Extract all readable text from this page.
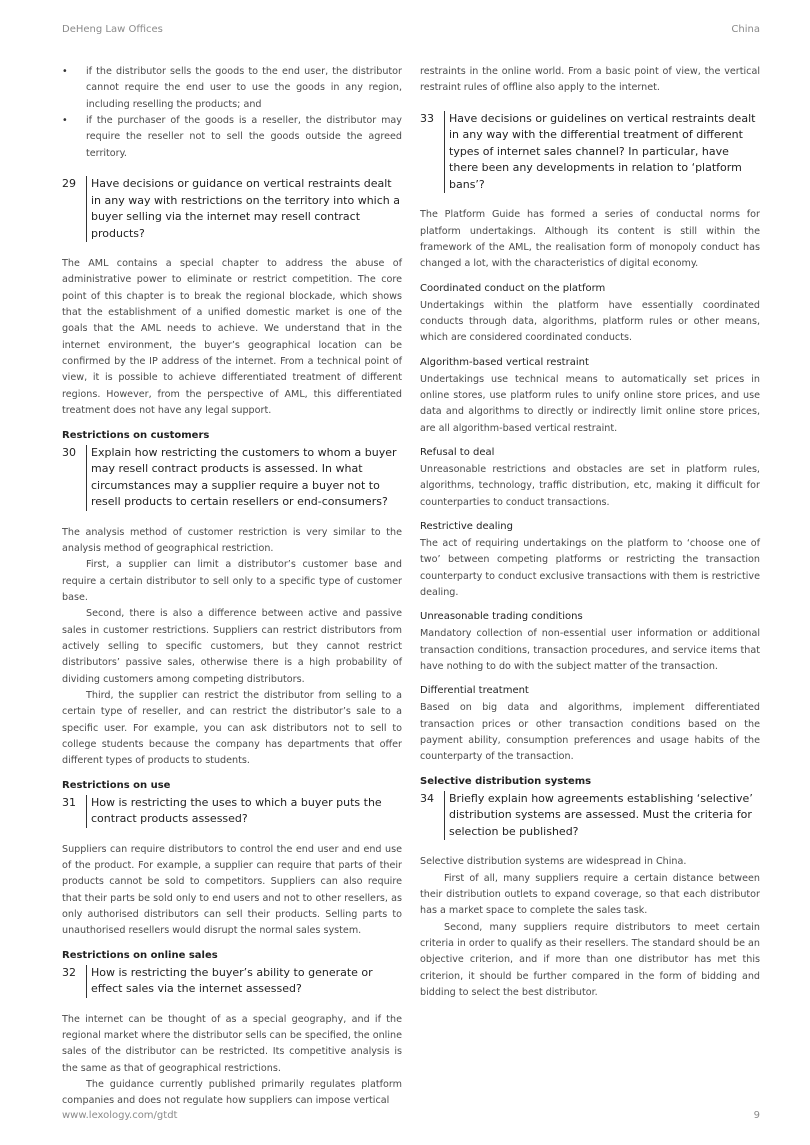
DeHeng Law Offices	China
• if the distributor sells the goods to the end user, the distributor cannot require the end user to use the goods in any region, including reselling the products; and
• if the purchaser of the goods is a reseller, the distributor may require the reseller not to sell the goods outside the agreed territory.
29	Have decisions or guidance on vertical restraints dealt in any way with restrictions on the territory into which a buyer selling via the internet may resell contract products?

The AML contains a special chapter to address the abuse of administrative power to eliminate or restrict competition. The core point of this chapter is to break the regional blockade, which shows that the establishment of a unified domestic market is one of the goals that the AML needs to achieve. We understand that in the internet environment, the buyer’s geographical location can be confirmed by the IP address of the internet. From a technical point of view, it is possible to achieve differentiated treatment of different regions. However, from the perspective of AML, this differentiated treatment does not have any legal support.

Restrictions on customers
30	Explain how restricting the customers to whom a buyer may resell contract products is assessed. In what circumstances may a supplier require a buyer not to resell products to certain resellers or end-consumers?

The analysis method of customer restriction is very similar to the analysis method of geographical restriction.

First, a supplier can limit a distributor’s customer base and require a certain distributor to sell only to a specific type of customer base.

Second, there is also a difference between active and passive sales in customer restrictions. Suppliers can restrict distributors from actively selling to specific customers, but they cannot restrict distributors’ passive sales, otherwise there is a high probability of dividing customers among competing distributors.

Third, the supplier can restrict the distributor from selling to a certain type of reseller, and can restrict the distributor’s sale to a specific user. For example, you can ask distributors not to sell to college students because the company has departments that offer different types of products to students.

Restrictions on use
31	How is restricting the uses to which a buyer puts the contract products assessed?

Suppliers can require distributors to control the end user and end use of the product. For example, a supplier can require that parts of their products cannot be sold to competitors. Suppliers can also require that their parts be sold only to end users and not to other resellers, as only authorised distributors can sell their products. Selling parts to unauthorised resellers would disrupt the normal sales system.

Restrictions on online sales
32	How is restricting the buyer’s ability to generate or effect sales via the internet assessed?

The internet can be thought of as a special geography, and if the regional market where the distributor sells can be specified, the online sales of the distributor can be restricted. Its competitive analysis is the same as that of geographical restrictions.

The guidance currently published primarily regulates platform companies and does not regulate how suppliers can impose vertical

restraints in the online world. From a basic point of view, the vertical restraint rules of offline also apply to the internet.

33	Have decisions or guidelines on vertical restraints dealt in any way with the differential treatment of different types of internet sales channel? In particular, have there been any developments in relation to ‘platform bans’?

The Platform Guide has formed a series of conductal norms for platform undertakings. Although its content is still within the framework of the AML, the realisation form of monopoly conduct has changed a lot, with the characteristics of digital economy.

Coordinated conduct on the platform

Undertakings within the platform have essentially coordinated conducts through data, algorithms, platform rules or other means, which are considered coordinated conducts.

Algorithm-based vertical restraint

Undertakings use technical means to automatically set prices in online stores, use platform rules to unify online store prices, and use data and algorithms to directly or indirectly limit online store prices, are all algorithm-based vertical restraint.

Refusal to deal

Unreasonable restrictions and obstacles are set in platform rules, algorithms, technology, traffic distribution, etc, making it difficult for counterparties to conduct transactions.

Restrictive dealing

The act of requiring undertakings on the platform to ‘choose one of two’ between competing platforms or restricting the transaction counterparty to conduct exclusive transactions with them is restrictive dealing.

Unreasonable trading conditions

Mandatory collection of non-essential user information or additional transaction conditions, transaction procedures, and service items that have nothing to do with the subject matter of the transaction.

Differential treatment

Based on big data and algorithms, implement differentiated transaction prices or other transaction conditions based on the payment ability, consumption preferences and usage habits of the counterparty of the transaction.

Selective distribution systems
34	Briefly explain how agreements establishing ‘selective’ distribution systems are assessed. Must the criteria for selection be published?

Selective distribution systems are widespread in China.

First of all, many suppliers require a certain distance between their distribution outlets to expand coverage, so that each distributor has a market space to complete the sales task.

Second, many suppliers require distributors to meet certain criteria in order to qualify as their resellers. The standard should be an objective criterion, and if more than one distributor has met this criterion, it should be further compared in the form of bidding and bidding to select the best distributor.

www.lexology.com/gtdt	9
